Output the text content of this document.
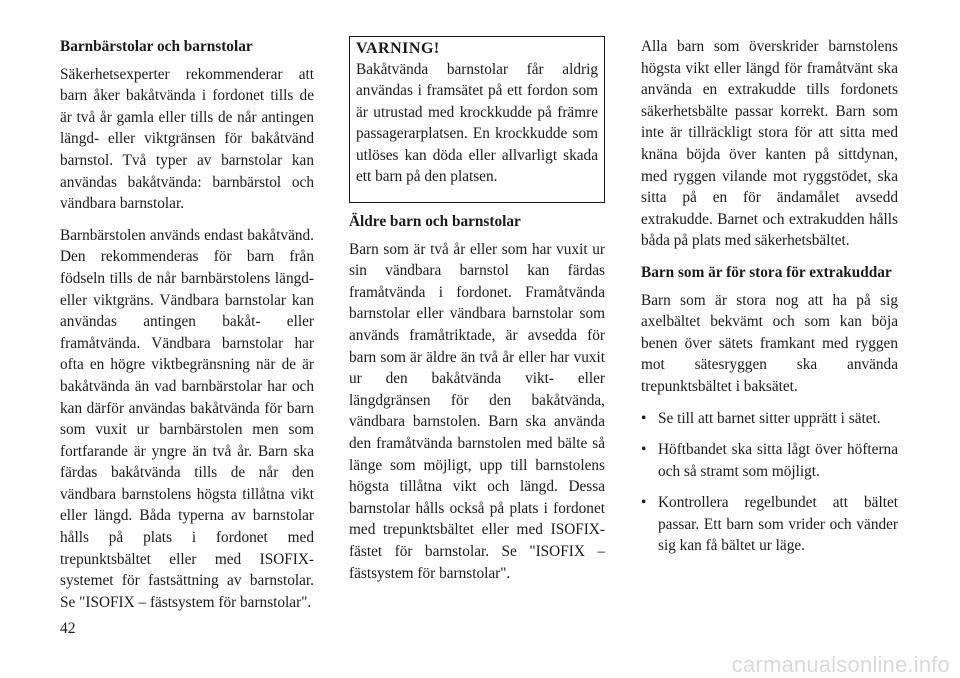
Barnbärstolar och barnstolar

Säkerhetsexperter rekommenderar att barn åker bakåtvända i fordonet tills de är två år gamla eller tills de når antingen längd- eller viktgränsen för bakåtvänd barnstol. Två typer av barnstolar kan användas bakåtvända: barnbärstol och vändbara barnstolar.

Barnbärstolen används endast bakåtvänd. Den rekommenderas för barn från födseln tills de når barnbärstolens längd- eller viktgräns. Vändbara barnstolar kan användas antingen bakåt- eller framåtvända. Vändbara barnstolar har ofta en högre viktbegränsning när de är bakåtvända än vad barnbärstolar har och kan därför användas bakåtvända för barn som vuxit ur barnbärstolen men som fortfarande är yngre än två år. Barn ska färdas bakåtvända tills de når den vändbara barnstolens högsta tillåtna vikt eller längd. Båda typerna av barnstolar hålls på plats i fordonet med trepunktsbältet eller med ISOFIX-systemet för fastsättning av barnstolar. Se "ISOFIX – fästsystem för barnstolar".

VARNING!

Bakåtvända barnstolar får aldrig användas i framsätet på ett fordon som är utrustad med krockkudde på främre passagerarplatsen. En krockkudde som utlöses kan döda eller allvarligt skada ett barn på den platsen.

Äldre barn och barnstolar

Barn som är två år eller som har vuxit ur sin vändbara barnstol kan färdas framåtvända i fordonet. Framåtvända barnstolar eller vändbara barnstolar som används framåtriktade, är avsedda för barn som är äldre än två år eller har vuxit ur den bakåtvända vikt- eller längdgränsen för den bakåtvända, vändbara barnstolen. Barn ska använda den framåtvända barnstolen med bälte så länge som möjligt, upp till barnstolens högsta tillåtna vikt och längd. Dessa barnstolar hålls också på plats i fordonet med trepunktsbältet eller med ISOFIX-fästet för barnstolar. Se "ISOFIX – fästsystem för barnstolar".

Alla barn som överskrider barnstolens högsta vikt eller längd för framåtvänt ska använda en extrakudde tills fordonets säkerhetsbälte passar korrekt. Barn som inte är tillräckligt stora för att sitta med knäna böjda över kanten på sittdynan, med ryggen vilande mot ryggstödet, ska sitta på en för ändamålet avsedd extrakudde. Barnet och extrakudden hålls båda på plats med säkerhetsbältet.

Barn som är för stora för extrakuddar

Barn som är stora nog att ha på sig axelbältet bekvämt och som kan böja benen över sätets framkant med ryggen mot sätesryggen ska använda trepunktsbältet i baksätet.

• Se till att barnet sitter upprätt i sätet.
• Höftbandet ska sitta lågt över höfterna och så stramt som möjligt.
• Kontrollera regelbundet att bältet passar. Ett barn som vrider och vänder sig kan få bältet ur läge.
42
carmanualsonline.info
